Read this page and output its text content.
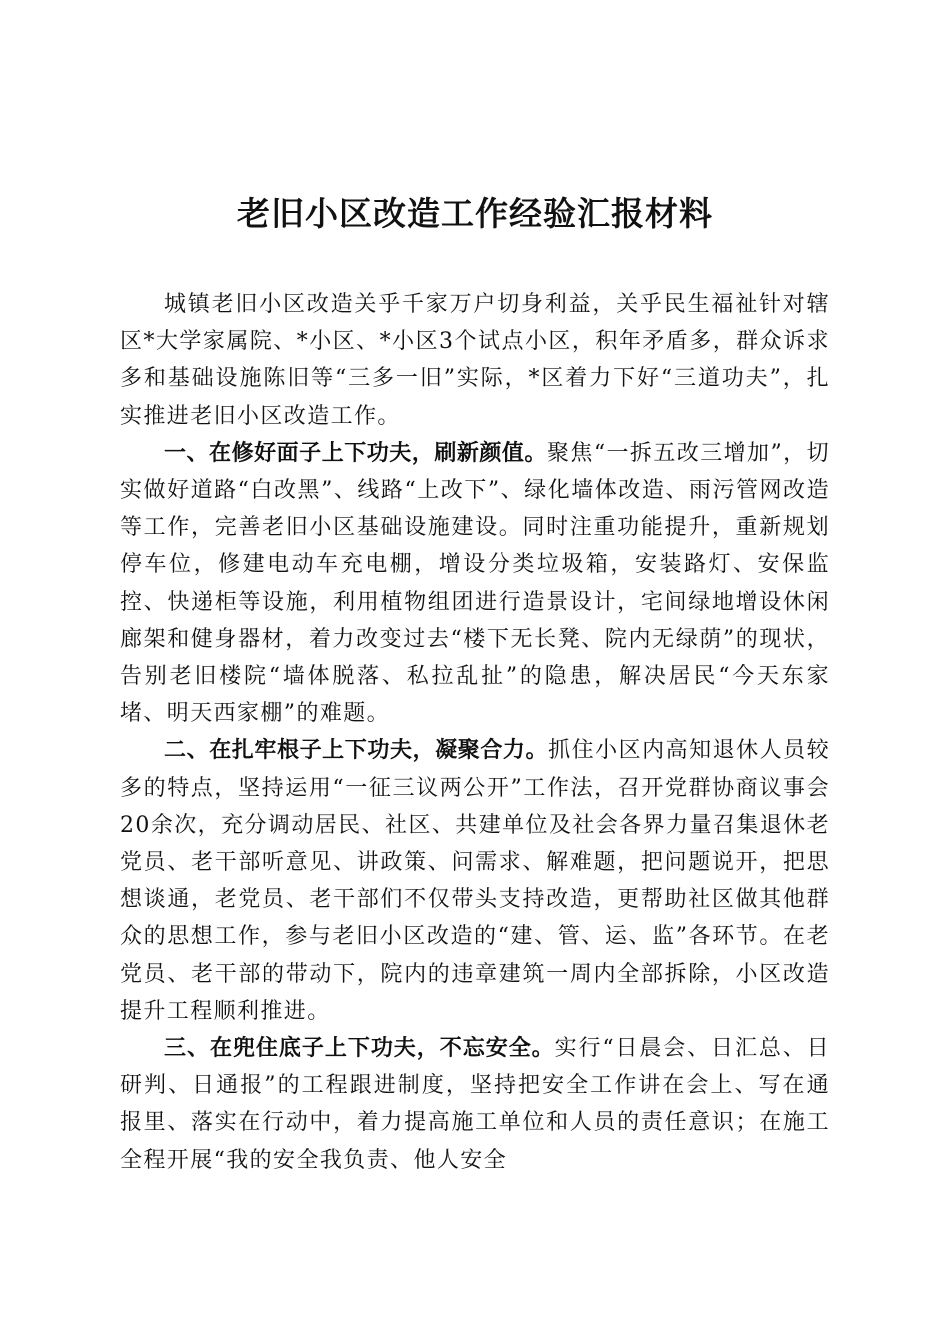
老旧小区改造工作经验汇报材料

城镇老旧小区改造关乎千家万户切身利益，关乎民生福祉针对辖区*大学家属院、*小区、*小区3个试点小区，积年矛盾多，群众诉求多和基础设施陈旧等“三多一旧”实际，*区着力下好“三道功夫”，扎实推进老旧小区改造工作。

一、在修好面子上下功夫，刷新颜值。聚焦“一拆五改三增加”，切实做好道路“白改黑”、线路“上改下”、绿化墙体改造、雨污管网改造等工作，完善老旧小区基础设施建设。同时注重功能提升，重新规划停车位，修建电动车充电棚，增设分类垃圾箱，安装路灯、安保监控、快递柜等设施，利用植物组团进行造景设计，宅间绿地增设休闲廊架和健身器材，着力改变过去“楼下无长凳、院内无绿荫”的现状，告别老旧楼院“墙体脱落、私拉乱扯”的隐患，解决居民“今天东家堵、明天西家棚”的难题。

二、在扎牢根子上下功夫，凝聚合力。抓住小区内高知退休人员较多的特点，坚持运用“一征三议两公开”工作法，召开党群协商议事会20余次，充分调动居民、社区、共建单位及社会各界力量召集退休老党员、老干部听意见、讲政策、问需求、解难题，把问题说开，把思想谈通，老党员、老干部们不仅带头支持改造，更帮助社区做其他群众的思想工作，参与老旧小区改造的“建、管、运、监”各环节。在老党员、老干部的带动下，院内的违章建筑一周内全部拆除，小区改造提升工程顺利推进。

三、在兜住底子上下功夫，不忘安全。实行“日晨会、日汇总、日研判、日通报”的工程跟进制度，坚持把安全工作讲在会上、写在通报里、落实在行动中，着力提高施工单位和人员的责任意识；在施工全程开展“我的安全我负责、他人安全
